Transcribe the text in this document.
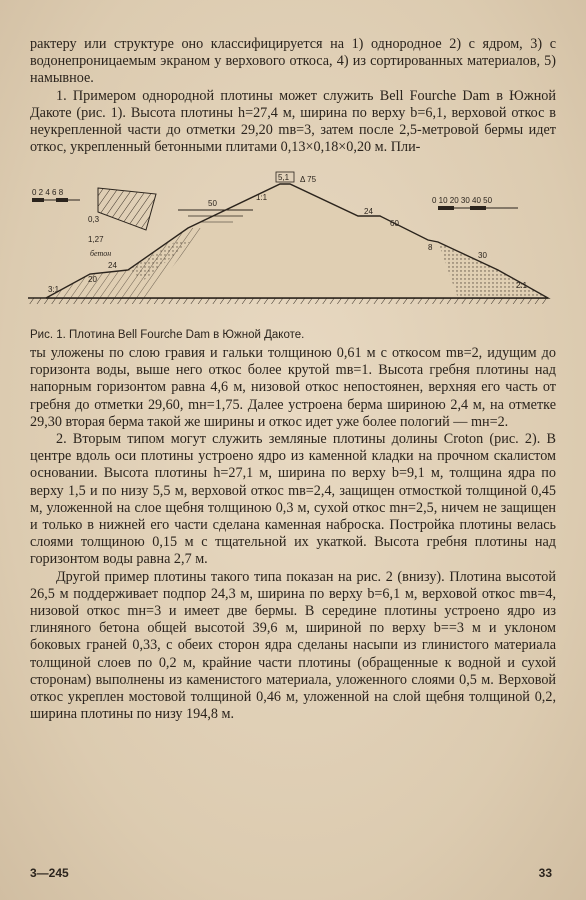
рактеру или структуре оно классифицируется на 1) однородное 2) с ядром, 3) с водонепроницаемым экраном у верхового откоса, 4) из сортированных материалов, 5) намывное.

1. Примером однородной плотины может служить Bell Fourche Dam в Южной Дакоте (рис. 1). Высота плотины h=27,4 м, ширина по верху b=6,1, верховой откос в неукрепленной части до отметки 29,20 mв=3, затем после 2,5-метровой бермы идет откос, укрепленный бетонными плитами 0,13×0,18×0,20 м. Пли-

0 2 4 6 8
0 10 20 30 40 50
0,3
1,27
бетон
50
5,1 Δ 75
1:1
24
20
3:1
24
60
8
30
2:1
Рис. 1. Плотина Bell Fourche Dam в Южной Дакоте.

ты уложены по слою гравия и гальки толщиною 0,61 м с откосом mв=2, идущим до горизонта воды, выше него откос более крутой mв=1. Высота гребня плотины над напорным горизонтом равна 4,6 м, низовой откос непостоянен, верхняя его часть от гребня до отметки 29,60, mн=1,75. Далее устроена берма шириною 2,4 м, на отметке 29,30 вторая берма такой же ширины и откос идет уже более пологий — mн=2.

2. Вторым типом могут служить земляные плотины долины Croton (рис. 2). В центре вдоль оси плотины устроено ядро из каменной кладки на прочном скалистом основании. Высота плотины h=27,1 м, ширина по верху b=9,1 м, толщина ядра по верху 1,5 и по низу 5,5 м, верховой откос mв=2,4, защищен отмосткой толщиной 0,45 м, уложенной на слое щебня толщиною 0,3 м, сухой откос mн=2,5, ничем не защищен и только в нижней его части сделана каменная наброска. Постройка плотины велась слоями толщиною 0,15 м с тщательной их укаткой. Высота гребня плотины над горизонтом воды равна 2,7 м.

Другой пример плотины такого типа показан на рис. 2 (внизу). Плотина высотой 26,5 м поддерживает подпор 24,3 м, ширина по верху b=6,1 м, верховой откос mв=4, низовой откос mн=3 и имеет две бермы. В середине плотины устроено ядро из глиняного бетона общей высотой 39,6 м, шириной по верху b==3 м и уклоном боковых граней 0,33, с обеих сторон ядра сделаны насыпи из глинистого материала толщиной слоев по 0,2 м, крайние части плотины (обращенные к водной и сухой сторонам) выполнены из каменистого материала, уложенного слоями 0,5 м. Верховой откос укреплен мостовой толщиной 0,46 м, уложенной на слой щебня толщиной 0,2, ширина плотины по низу 194,8 м.

3—245	33
